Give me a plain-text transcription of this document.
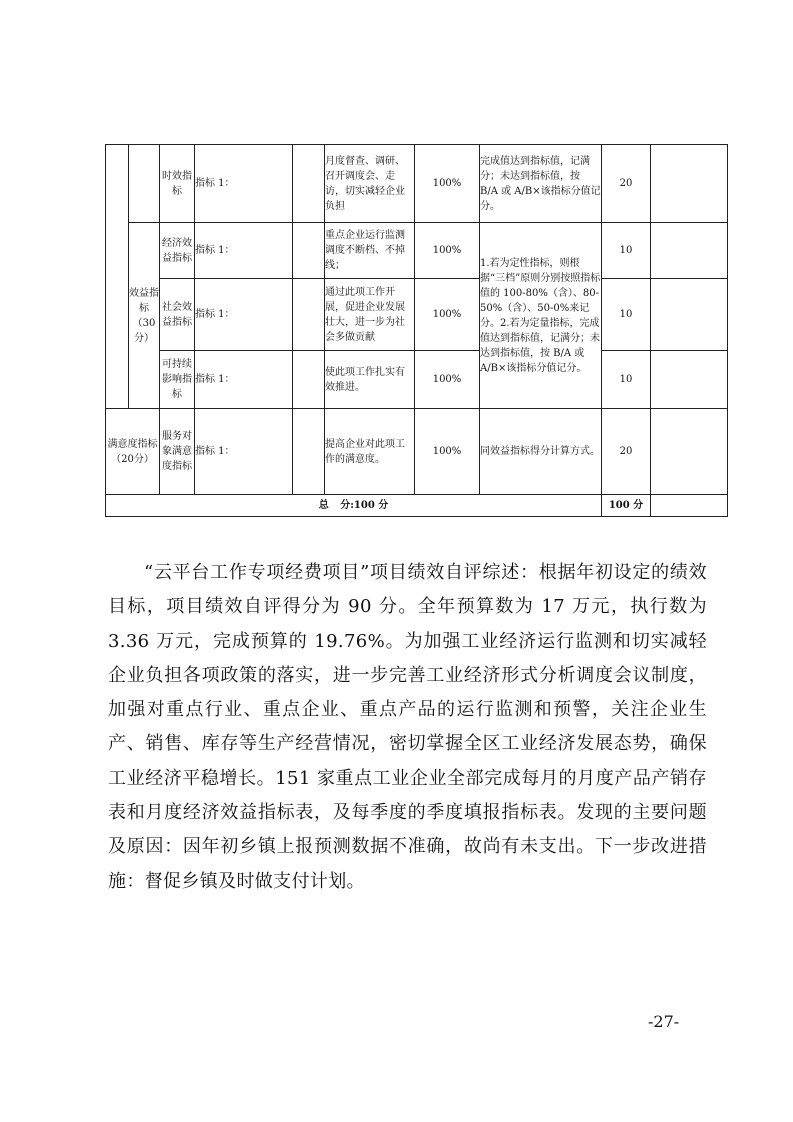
		时效指标	指标 1：		月度督查、调研、召开调度会、走访，切实减轻企业负担	100%	完成值达到指标值，记满分；未达到指标值，按 B/A 或 A/B×该指标分值记分。	20	
	效益指标（30分）	经济效益指标	指标 1：		重点企业运行监测调度不断档、不掉线；	100%	1.若为定性指标，则根据“三档”原则分别按照指标值的 100-80%（含）、80-50%（含）、50-0%来记分。2.若为定量指标，完成值达到指标值，记满分；未达到指标值，按 B/A 或 A/B×该指标分值记分。	10	
		社会效益指标	指标 1：		通过此项工作开展，促进企业发展壮大，进一步为社会多做贡献	100%		10	
		可持续影响指标	指标 1：		使此项工作扎实有效推进。	100%		10	
满意度指标（20分）		服务对象满意度指标	指标 1：		提高企业对此项工作的满意度。	100%	同效益指标得分计算方式。	20	
总 分:100 分								100 分	

“云平台工作专项经费项目”项目绩效自评综述：根据年初设定的绩效目标，项目绩效自评得分为 90 分。全年预算数为 17 万元，执行数为 3.36 万元，完成预算的 19.76%。为加强工业经济运行监测和切实减轻企业负担各项政策的落实，进一步完善工业经济形式分析调度会议制度，加强对重点行业、重点企业、重点产品的运行监测和预警，关注企业生产、销售、库存等生产经营情况，密切掌握全区工业经济发展态势，确保工业经济平稳增长。151 家重点工业企业全部完成每月的月度产品产销存表和月度经济效益指标表，及每季度的季度填报指标表。发现的主要问题及原因：因年初乡镇上报预测数据不准确，故尚有未支出。下一步改进措施：督促乡镇及时做支付计划。

-27-
